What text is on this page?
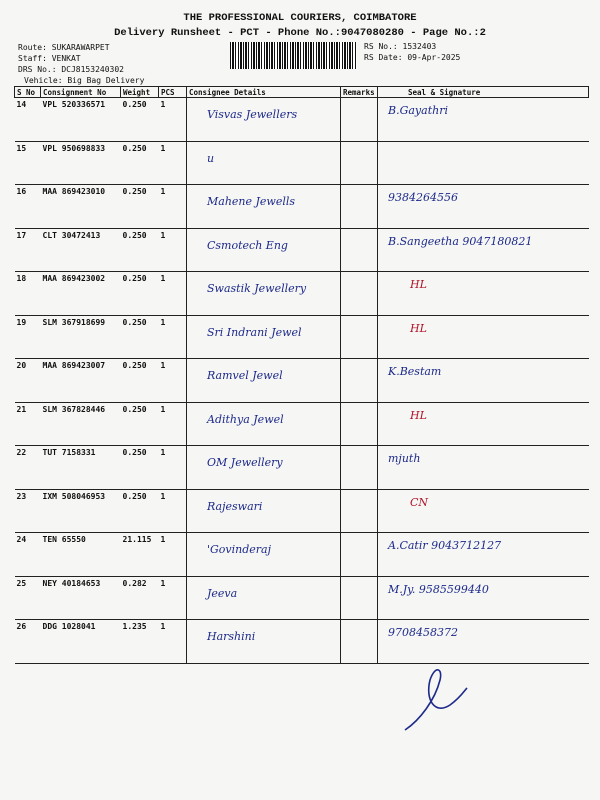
THE PROFESSIONAL COURIERS, COIMBATORE
Delivery Runsheet - PCT - Phone No.:9047080280 - Page No.:2
Route: SUKARAWARPET
Staff: VENKAT
DRS No.: DCJ8153240302
Vehicle: Big Bag Delivery
RS No.: 1532403
RS Date: 09-Apr-2025
S No	Consignment No	Weight	PCS	Consignee Details	Remarks	Seal & Signature
14	VPL 520336571	0.250	1	Visvas Jewellers		B.Gayathri

15	VPL 950698833	0.250	1	u		

16	MAA 869423010	0.250	1	Mahene Jewells		9384264556

17	CLT 30472413	0.250	1	Csmotech Eng		B.Sangeetha 9047180821

18	MAA 869423002	0.250	1	Swastik Jewellery		HL

19	SLM 367918699	0.250	1	Sri Indrani Jewel		HL

20	MAA 869423007	0.250	1	Ramvel Jewel		K.Bestam

21	SLM 367828446	0.250	1	Adithya Jewel		HL

22	TUT 7158331	0.250	1	OM Jewellery		mjuth

23	IXM 508046953	0.250	1	Rajeswari		CN

24	TEN 65550	21.115	1	'Govinderaj		A.Catir 9043712127

25	NEY 40184653	0.282	1	Jeeva		M.Jy. 9585599440

26	DDG 1028041	1.235	1	Harshini		9708458372
